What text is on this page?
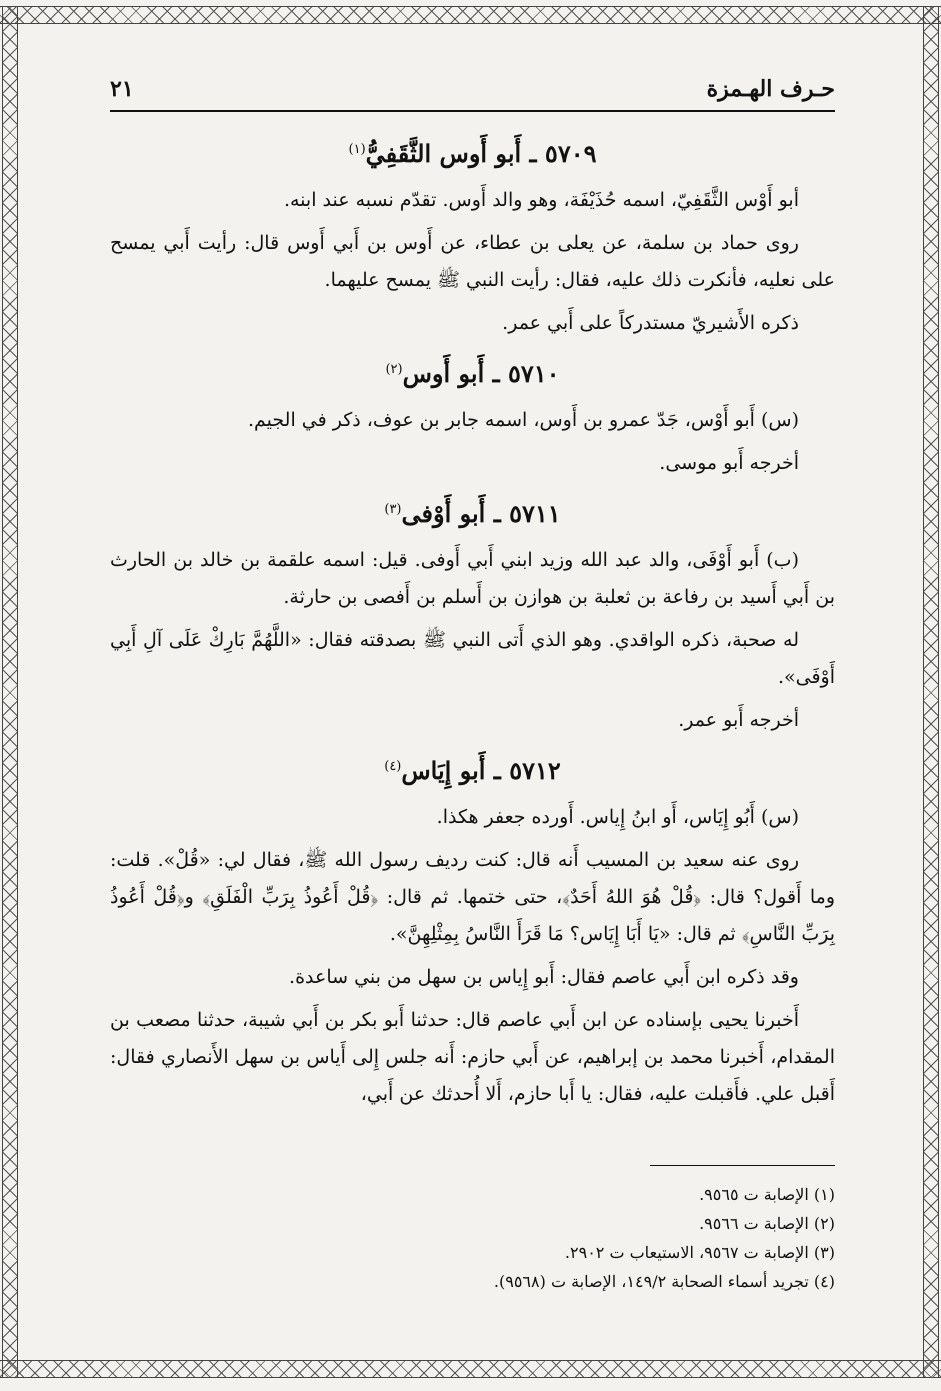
حـرف الهـمزة
٢١
٥٧٠٩ ـ أَبو أَوس الثَّقَفِيُّ$^{(١)}$

أبو أَوْس الثَّقَفِيّ، اسمه حُذَيْفَة، وهو والد أَوس. تقدّم نسبه عند ابنه.

روى حماد بن سلمة، عن يعلى بن عطاء، عن أَوس بن أَبي أَوس قال: رأيت أَبي يمسح على نعليه، فأنكرت ذلك عليه، فقال: رأيت النبي ﷺ يمسح عليهما.

ذكره الأَشيريّ مستدركاً على أَبي عمر.

٥٧١٠ ـ أَبو أَوس$^{(٢)}$

(س) أَبو أَوْس، جَدّ عمرو بن أَوس، اسمه جابر بن عوف، ذكر في الجيم.

أخرجه أَبو موسى.

٥٧١١ ـ أَبو أَوْفى$^{(٣)}$

(ب) أَبو أَوْفَى، والد عبد الله وزيد ابني أَبي أَوفى. قيل: اسمه علقمة بن خالد بن الحارث بن أَبي أَسيد بن رفاعة بن ثعلبة بن هوازن بن أَسلم بن أَفصى بن حارثة.

له صحبة، ذكره الواقدي. وهو الذي أَتى النبي ﷺ بصدقته فقال: «اللَّهُمَّ بَارِكْ عَلَى آلِ أَبِي أَوْفَى».

أخرجه أَبو عمر.

٥٧١٢ ـ أَبو إِيَاس$^{(٤)}$

(س) أَبُو إِيَاس، أَو ابنُ إِياس. أَورده جعفر هكذا.

روى عنه سعيد بن المسيب أَنه قال: كنت رديف رسول الله ﷺ، فقال لي: «قُلْ». قلت: وما أَقول؟ قال: ﴿قُلْ هُوَ اللهُ أَحَدٌ﴾، حتى ختمها. ثم قال: ﴿قُلْ أَعُوذُ بِرَبِّ الْفَلَقِ﴾ و﴿قُلْ أَعُوذُ بِرَبِّ النَّاسِ﴾ ثم قال: «يَا أَبَا إِيَاس؟ مَا قَرَأَ النَّاسُ بِمِثْلِهِنَّ».

وقد ذكره ابن أَبي عاصم فقال: أَبو إِياس بن سهل من بني ساعدة.

أَخبرنا يحيى بإسناده عن ابن أَبي عاصم قال: حدثنا أَبو بكر بن أَبي شيبة، حدثنا مصعب بن المقدام، أَخبرنا محمد بن إبراهيم، عن أَبي حازم: أَنه جلس إِلى أَياس بن سهل الأَنصاري فقال: أَقبل علي. فأَقبلت عليه، فقال: يا أَبا حازم، أَلا أُحدثك عن أَبي،

(١) الإصابة ت ٩٥٦٥.
(٢) الإصابة ت ٩٥٦٦.
(٣) الإصابة ت ٩٥٦٧، الاستيعاب ت ٢٩٠٢.
(٤) تجريد أسماء الصحابة ١٤٩/٢، الإصابة ت (٩٥٦٨).
